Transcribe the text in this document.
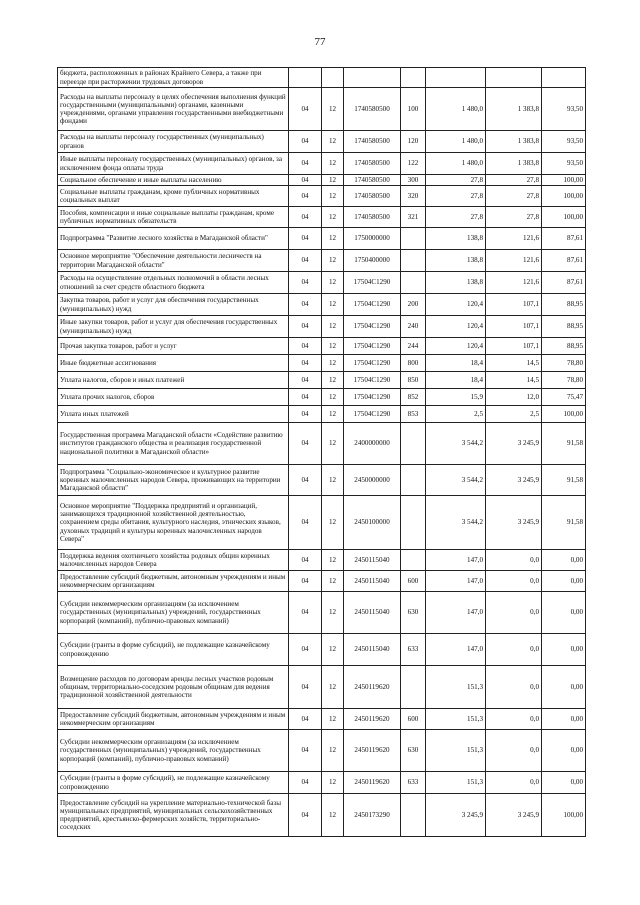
77
бюджета, расположенных в районах Крайнего Севера, а также при переезде при расторжении трудовых договоров							
Расходы на выплаты персоналу в целях обеспечения выполнения функций государственными (муниципальными) органами, казенными учреждениями, органами управления государственными внебюджетными фондами	04	12	1740580500	100	1 480,0	1 383,8	93,50
Расходы на выплаты персоналу государственных (муниципальных) органов	04	12	1740580500	120	1 480,0	1 383,8	93,50
Иные выплаты персоналу государственных (муниципальных) органов, за исключением фонда оплаты труда	04	12	1740580500	122	1 480,0	1 383,8	93,50
Социальное обеспечение и иные выплаты населению	04	12	1740580500	300	27,8	27,8	100,00
Социальные выплаты гражданам, кроме публичных нормативных социальных выплат	04	12	1740580500	320	27,8	27,8	100,00
Пособия, компенсации и иные социальные выплаты гражданам, кроме публичных нормативных обязательств	04	12	1740580500	321	27,8	27,8	100,00
Подпрограмма "Развитие лесного хозяйства в Магаданской области"	04	12	1750000000		138,8	121,6	87,61
Основное мероприятие "Обеспечение деятельности лесничеств на территории Магаданской области"	04	12	1750400000		138,8	121,6	87,61
Расходы на осуществление отдельных полномочий в области лесных отношений за счет средств областного бюджета	04	12	17504С1290		138,8	121,6	87,61
Закупка товаров, работ и услуг для обеспечения государственных (муниципальных) нужд	04	12	17504С1290	200	120,4	107,1	88,95
Иные закупки товаров, работ и услуг для обеспечения государственных (муниципальных) нужд	04	12	17504С1290	240	120,4	107,1	88,95
Прочая закупка товаров, работ и услуг	04	12	17504С1290	244	120,4	107,1	88,95
Иные бюджетные ассигнования	04	12	17504С1290	800	18,4	14,5	78,80
Уплата налогов, сборов и иных платежей	04	12	17504С1290	850	18,4	14,5	78,80
Уплата прочих налогов, сборов	04	12	17504С1290	852	15,9	12,0	75,47
Уплата иных платежей	04	12	17504С1290	853	2,5	2,5	100,00
Государственная программа Магаданской области «Содействие развитию институтов гражданского общества и реализация государственной национальной политики в Магаданской области»	04	12	2400000000		3 544,2	3 245,9	91,58
Подпрограмма "Социально-экономическое и культурное развитие коренных малочисленных народов Севера, проживающих на территории Магаданской области"	04	12	2450000000		3 544,2	3 245,9	91,58
Основное мероприятие "Поддержка предприятий и организаций, занимающихся традиционной хозяйственной деятельностью, сохранением среды обитания, культурного наследия, этнических языков, духовных традиций и культуры коренных малочисленных народов Севера"	04	12	2450100000		3 544,2	3 245,9	91,58
Поддержка ведения охотничьего хозяйства родовых общин коренных малочисленных народов Севера	04	12	2450115040		147,0	0,0	0,00
Предоставление субсидий бюджетным, автономным учреждениям и иным некоммерческим организациям	04	12	2450115040	600	147,0	0,0	0,00
Субсидии некоммерческим организациям (за исключением государственных (муниципальных) учреждений, государственных корпораций (компаний), публично-правовых компаний)	04	12	2450115040	630	147,0	0,0	0,00
Субсидии (гранты в форме субсидий), не подлежащие казначейскому сопровождению	04	12	2450115040	633	147,0	0,0	0,00
Возмещение расходов по договорам аренды лесных участков родовым общинам, территориально-соседским родовым общинам для ведения традиционной хозяйственной деятельности	04	12	2450119620		151,3	0,0	0,00
Предоставление субсидий бюджетным, автономным учреждениям и иным некоммерческим организациям	04	12	2450119620	600	151,3	0,0	0,00
Субсидии некоммерческим организациям (за исключением государственных (муниципальных) учреждений, государственных корпораций (компаний), публично-правовых компаний)	04	12	2450119620	630	151,3	0,0	0,00
Субсидии (гранты в форме субсидий), не подлежащие казначейскому сопровождению	04	12	2450119620	633	151,3	0,0	0,00
Предоставление субсидий на укрепление материально-технической базы муниципальных предприятий, муниципальных сельскохозяйственных предприятий, крестьянско-фермерских хозяйств, территориально-соседских	04	12	2450173290		3 245,9	3 245,9	100,00
